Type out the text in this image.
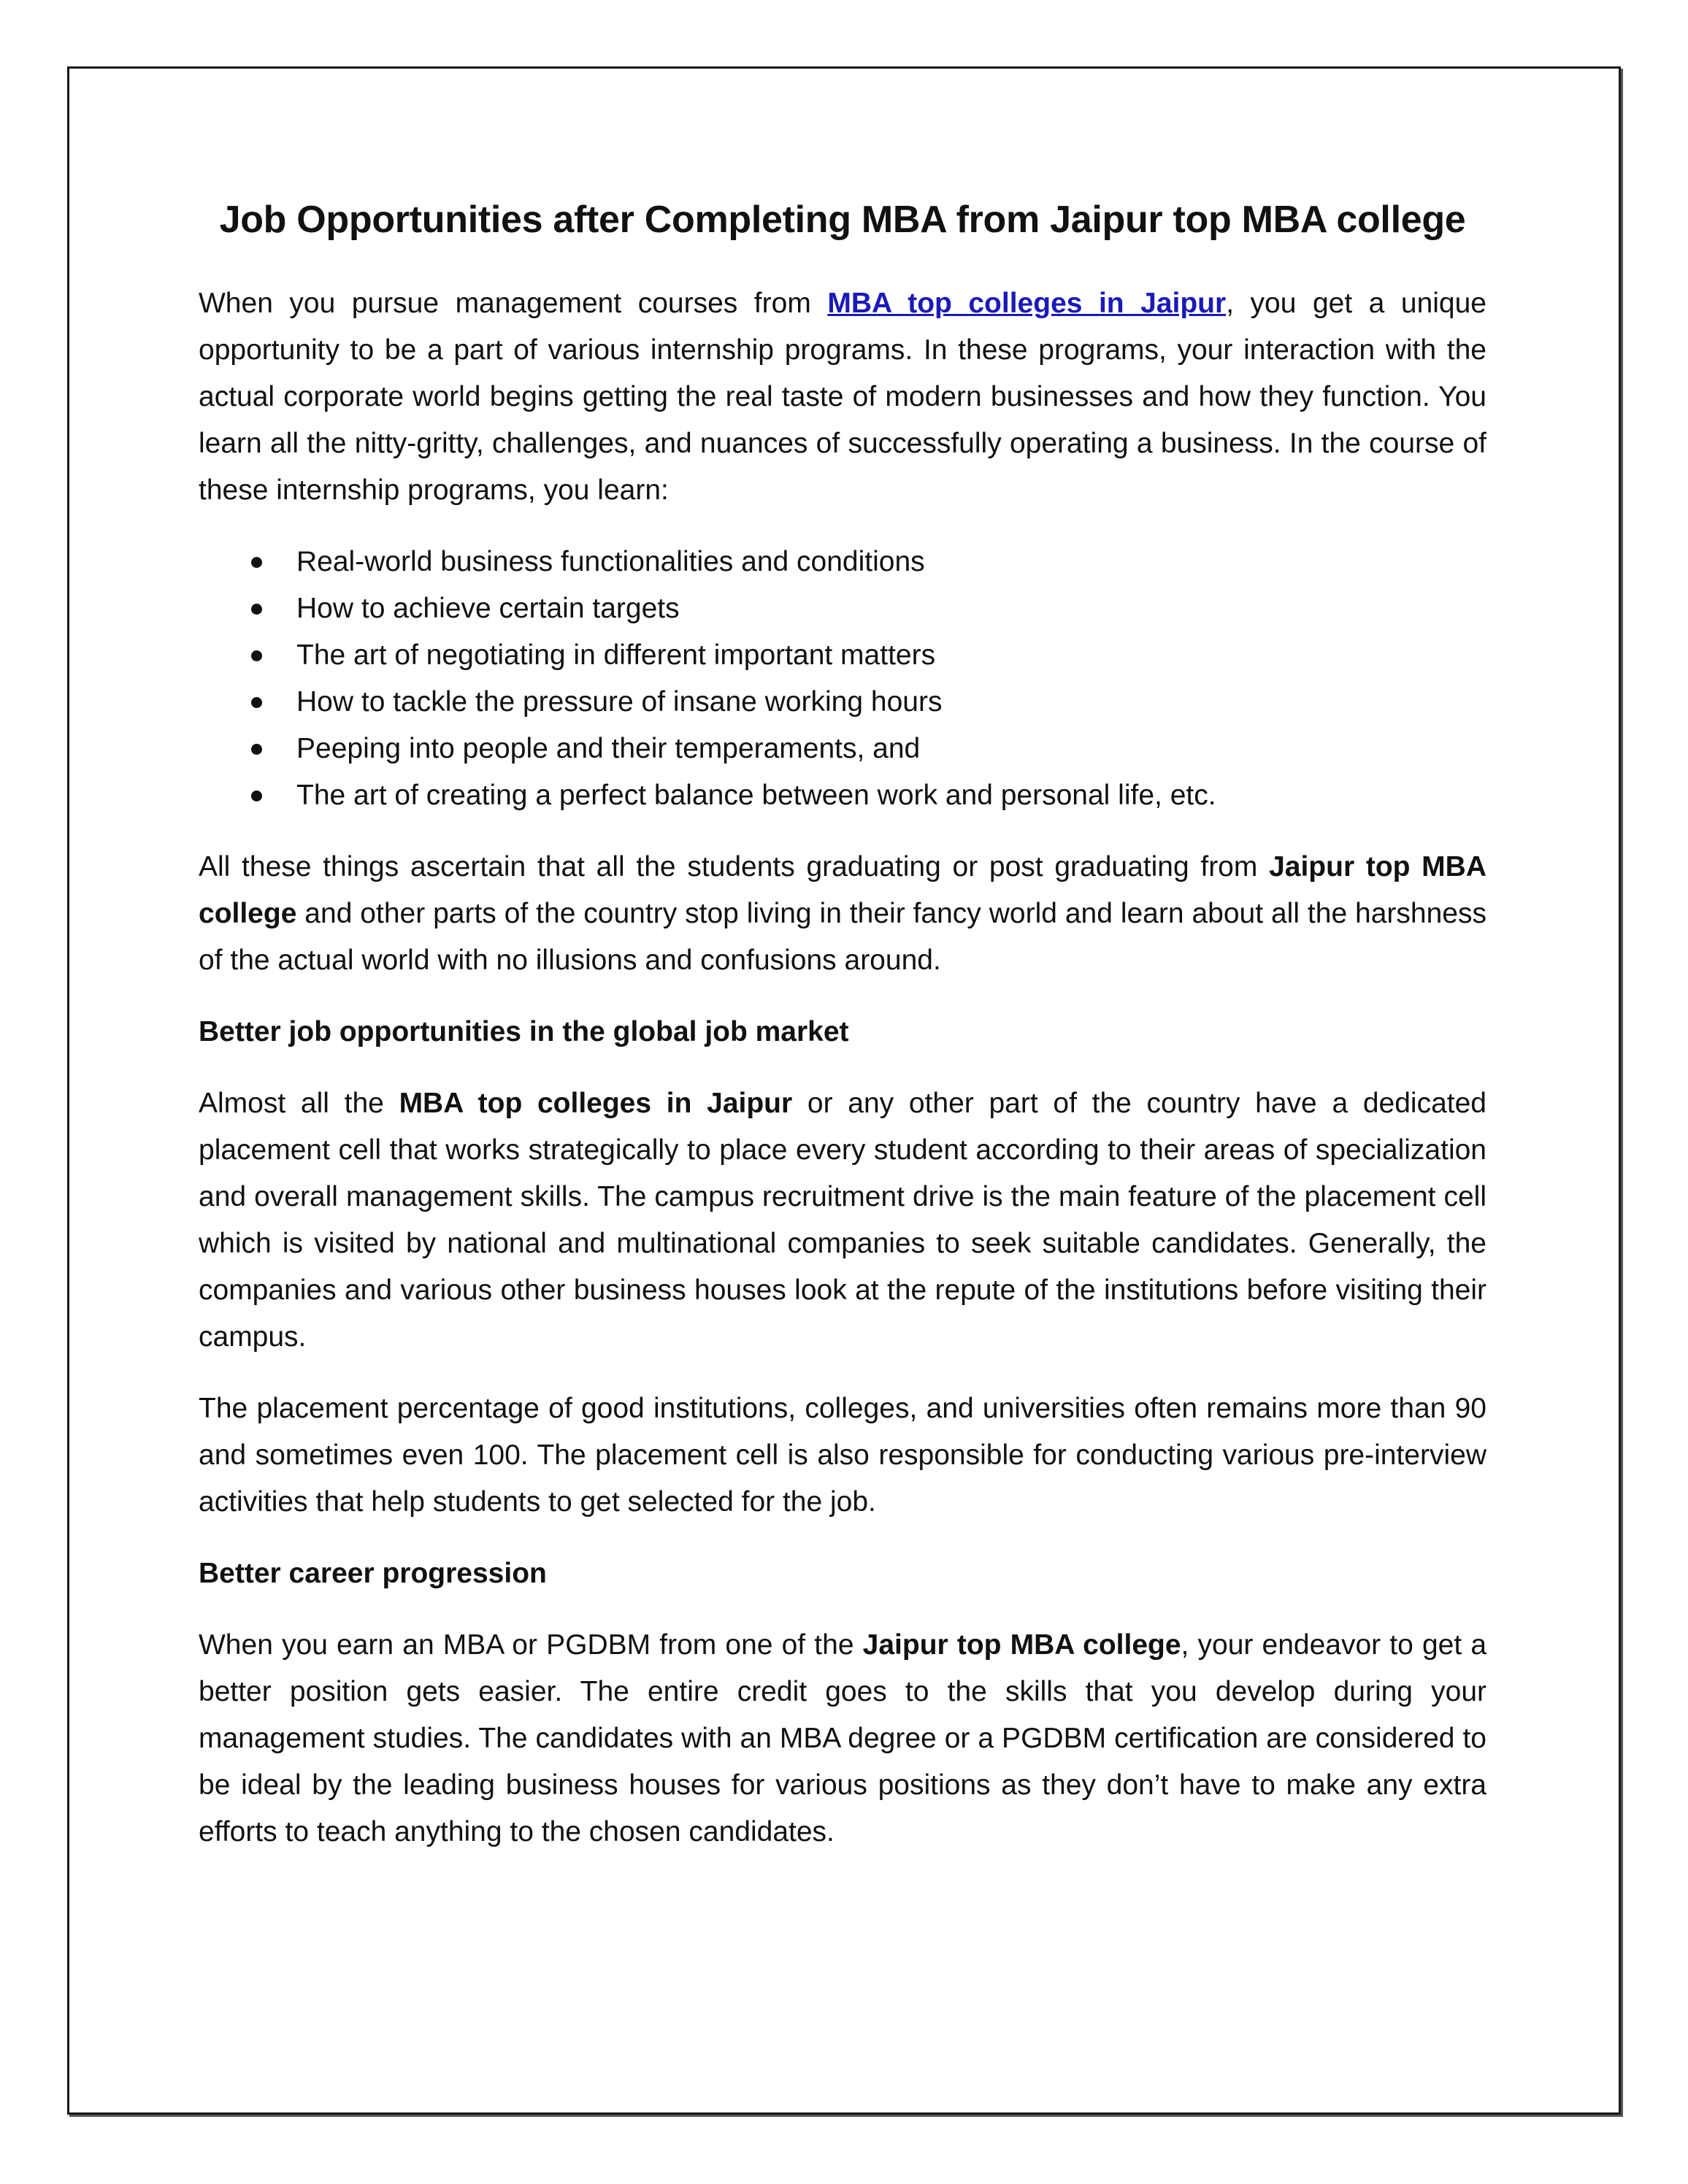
Job Opportunities after Completing MBA from Jaipur top MBA college

When you pursue management courses from MBA top colleges in Jaipur, you get a unique opportunity to be a part of various internship programs. In these programs, your interaction with the actual corporate world begins getting the real taste of modern businesses and how they function. You learn all the nitty-gritty, challenges, and nuances of successfully operating a business. In the course of these internship programs, you learn:

Real-world business functionalities and conditions
How to achieve certain targets
The art of negotiating in different important matters
How to tackle the pressure of insane working hours
Peeping into people and their temperaments, and
The art of creating a perfect balance between work and personal life, etc.

All these things ascertain that all the students graduating or post graduating from Jaipur top MBA college and other parts of the country stop living in their fancy world and learn about all the harshness of the actual world with no illusions and confusions around.

Better job opportunities in the global job market

Almost all the MBA top colleges in Jaipur or any other part of the country have a dedicated placement cell that works strategically to place every student according to their areas of specialization and overall management skills. The campus recruitment drive is the main feature of the placement cell which is visited by national and multinational companies to seek suitable candidates. Generally, the companies and various other business houses look at the repute of the institutions before visiting their campus.

The placement percentage of good institutions, colleges, and universities often remains more than 90 and sometimes even 100. The placement cell is also responsible for conducting various pre-interview activities that help students to get selected for the job.

Better career progression

When you earn an MBA or PGDBM from one of the Jaipur top MBA college, your endeavor to get a better position gets easier. The entire credit goes to the skills that you develop during your management studies. The candidates with an MBA degree or a PGDBM certification are considered to be ideal by the leading business houses for various positions as they don’t have to make any extra efforts to teach anything to the chosen candidates.
